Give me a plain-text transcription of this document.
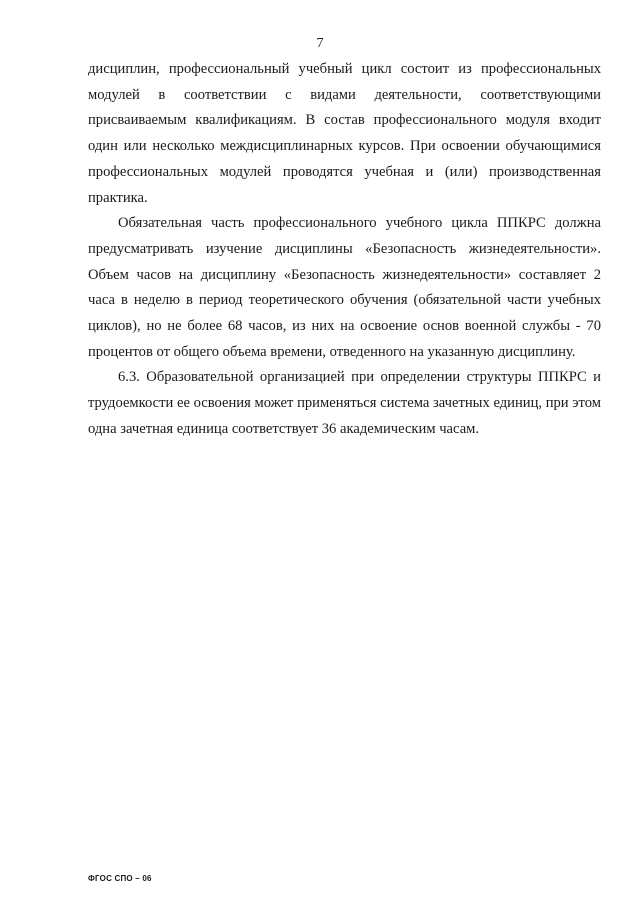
7

дисциплин, профессиональный учебный цикл состоит из профессиональных модулей в соответствии с видами деятельности, соответствующими присваиваемым квалификациям. В состав профессионального модуля входит один или несколько междисциплинарных курсов. При освоении обучающимися профессиональных модулей проводятся учебная и (или) производственная практика.

Обязательная часть профессионального учебного цикла ППКРС должна предусматривать изучение дисциплины «Безопасность жизнедеятельности». Объем часов на дисциплину «Безопасность жизнедеятельности» составляет 2 часа в неделю в период теоретического обучения (обязательной части учебных циклов), но не более 68 часов, из них на освоение основ военной службы - 70 процентов от общего объема времени, отведенного на указанную дисциплину.

6.3. Образовательной организацией при определении структуры ППКРС и трудоемкости ее освоения может применяться система зачетных единиц, при этом одна зачетная единица соответствует 36 академическим часам.

ФГОС СПО – 06
